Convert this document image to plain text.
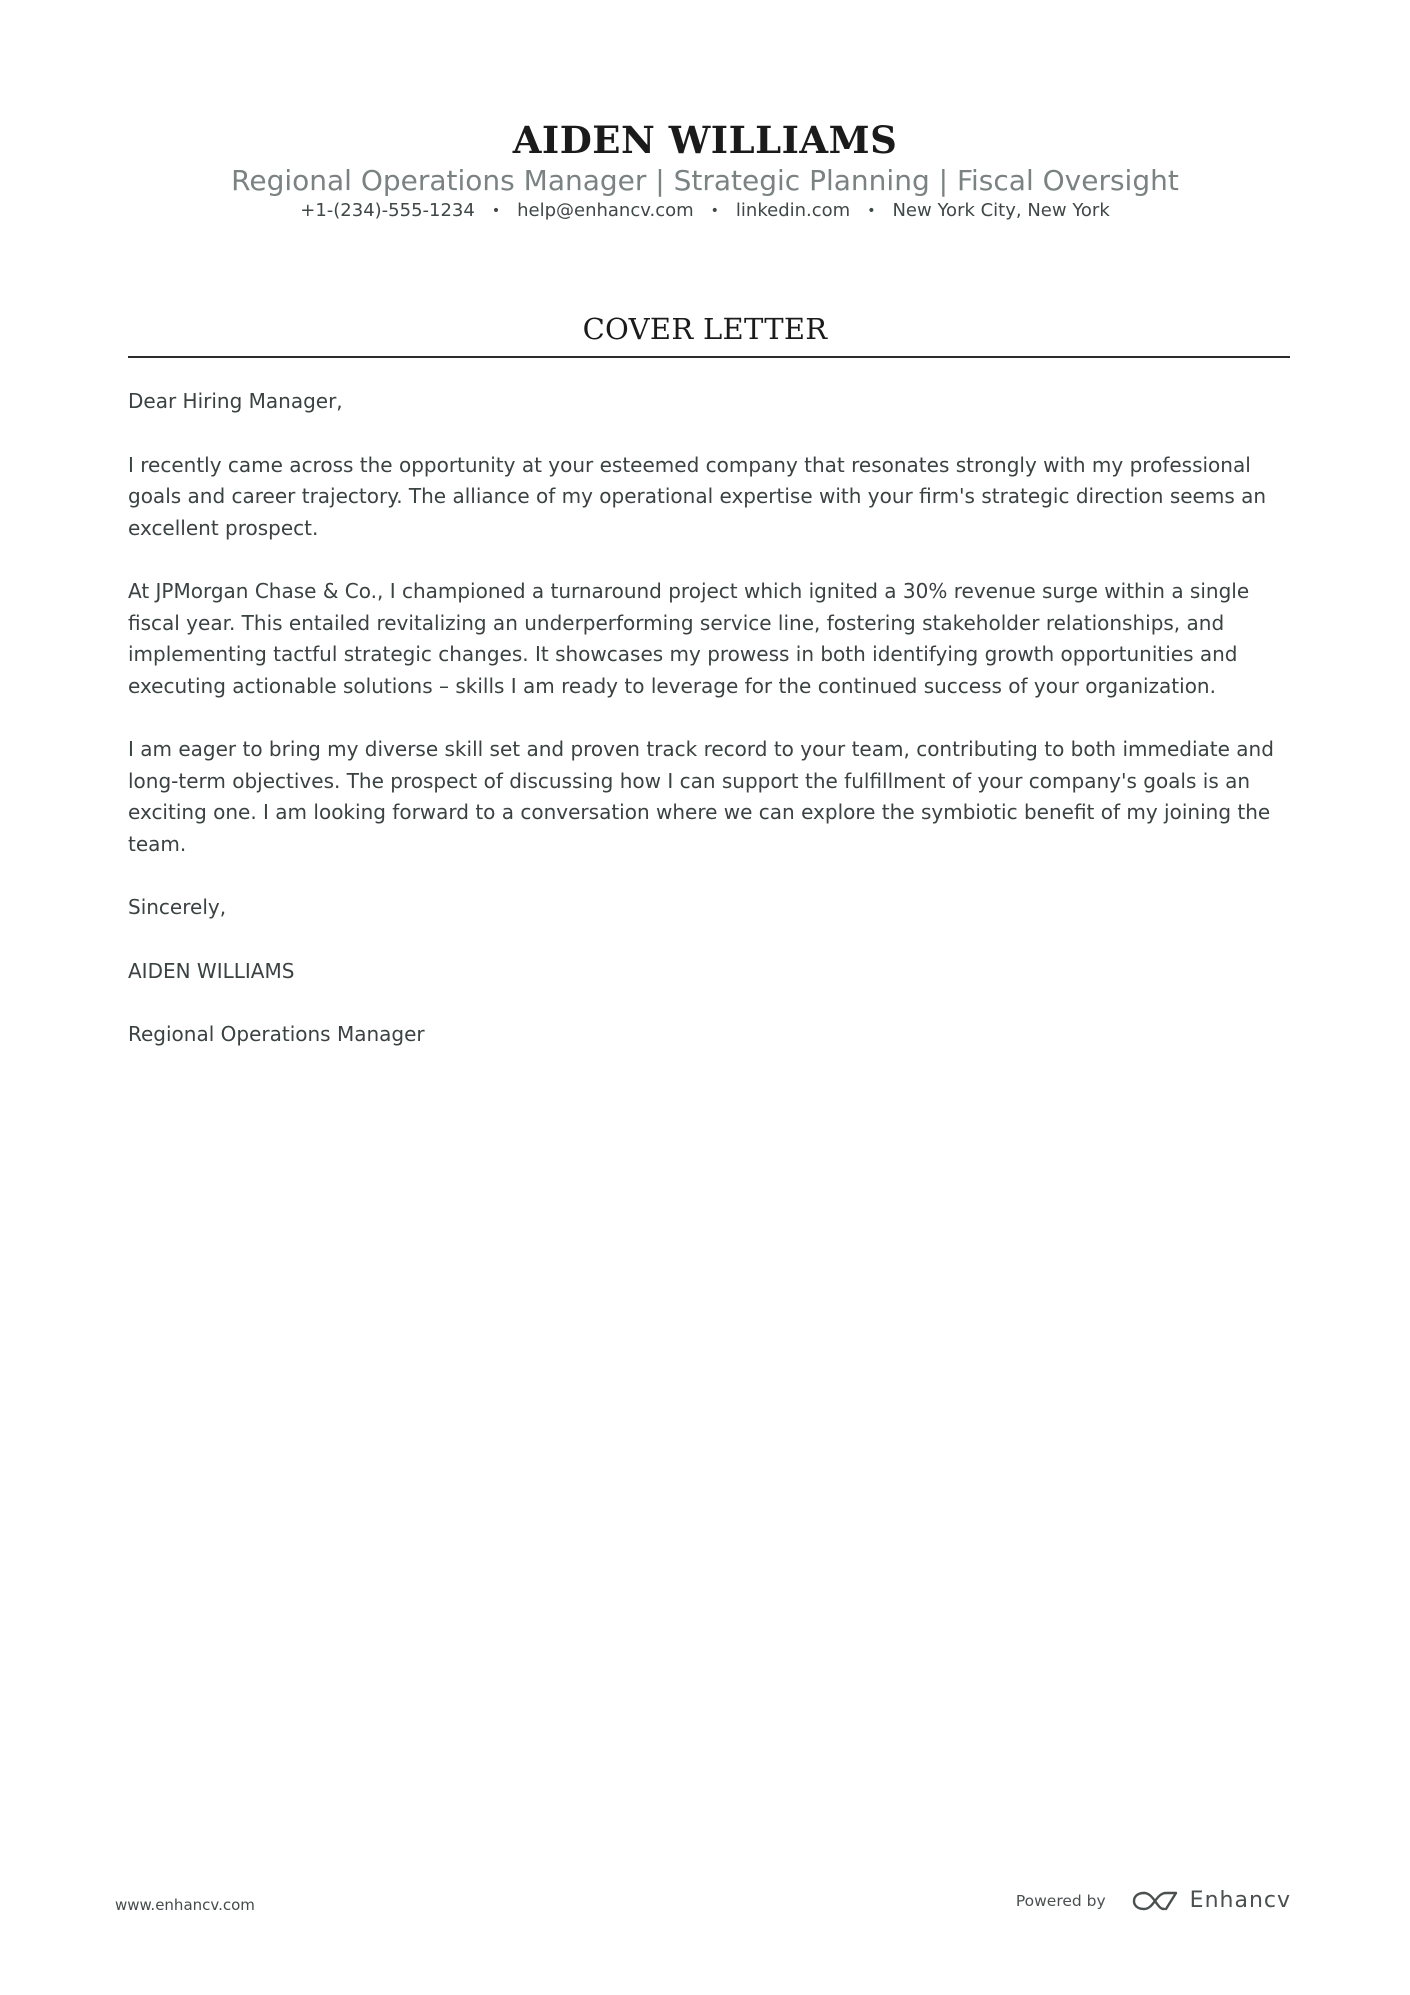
AIDEN WILLIAMS
Regional Operations Manager | Strategic Planning | Fiscal Oversight
+1-(234)-555-1234 • help@enhancv.com • linkedin.com • New York City, New York
COVER LETTER

Dear Hiring Manager,

I recently came across the opportunity at your esteemed company that resonates strongly with my professional goals and career trajectory. The alliance of my operational expertise with your firm's strategic direction seems an excellent prospect.

At JPMorgan Chase & Co., I championed a turnaround project which ignited a 30% revenue surge within a single fiscal year. This entailed revitalizing an underperforming service line, fostering stakeholder relationships, and implementing tactful strategic changes. It showcases my prowess in both identifying growth opportunities and executing actionable solutions – skills I am ready to leverage for the continued success of your organization.

I am eager to bring my diverse skill set and proven track record to your team, contributing to both immediate and long-term objectives. The prospect of discussing how I can support the fulfillment of your company's goals is an exciting one. I am looking forward to a conversation where we can explore the symbiotic benefit of my joining the team.

Sincerely,

AIDEN WILLIAMS

Regional Operations Manager

www.enhancv.com	Powered by	Enhancv
